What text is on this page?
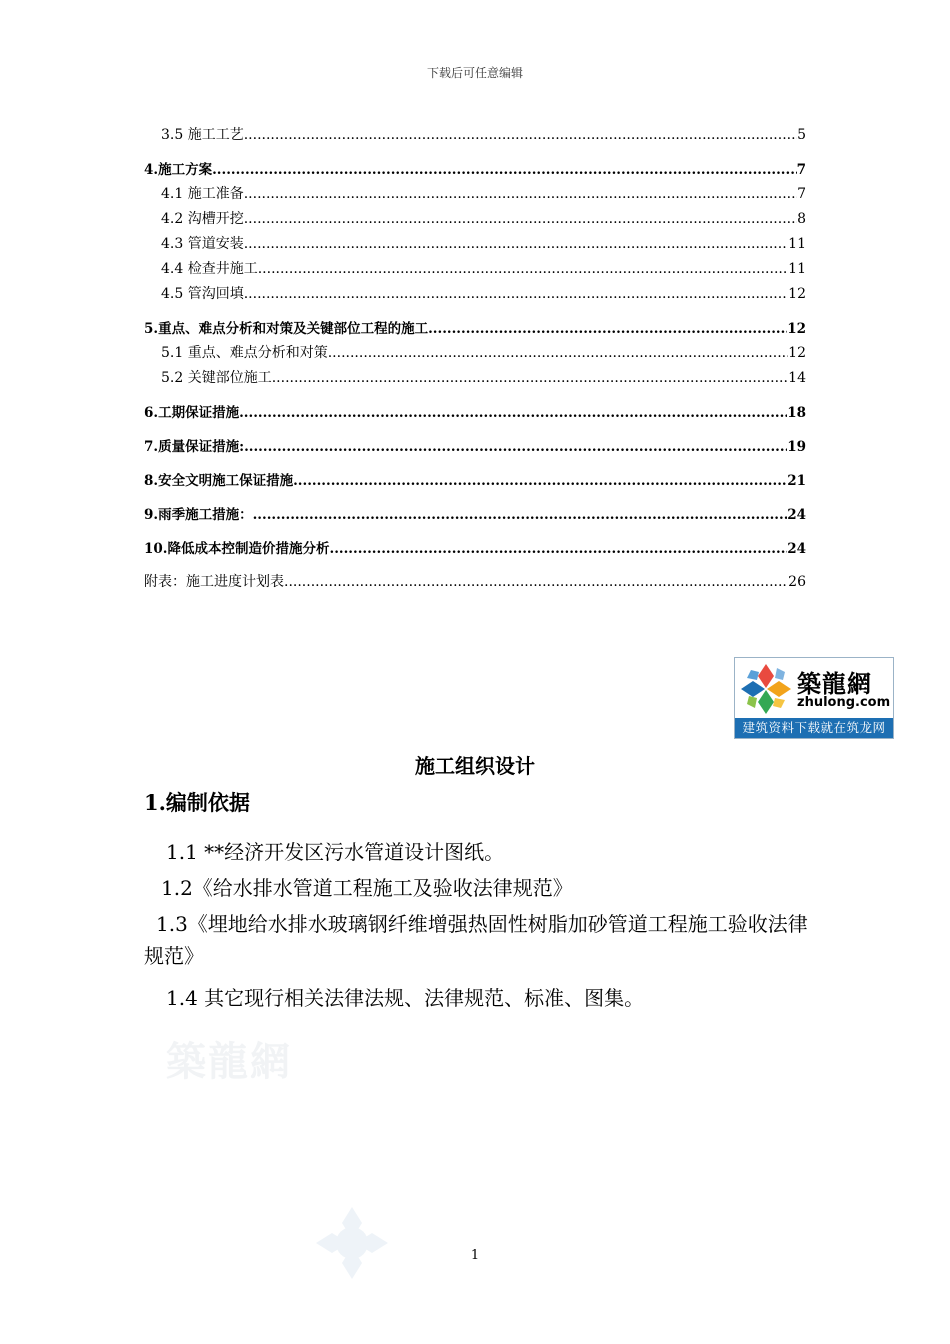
下载后可任意编辑
3.5 施工工艺 .....	5
4.施工方案 .....	7
4.1 施工准备 .....	7
4.2 沟槽开挖 .....	8
4.3 管道安装 .....	11
4.4 检查井施工 .....	11
4.5 管沟回填 .....	12
5.重点、难点分析和对策及关键部位工程的施工 .....	12
5.1 重点、难点分析和对策 .....	12
5.2 关键部位施工 .....	14
6.工期保证措施 .....	18
7.质量保证措施: .....	19
8.安全文明施工保证措施 .....	21
9.雨季施工措施： .....	24
10.降低成本控制造价措施分析 .....	24
附表：施工进度计划表 .....	26
築龍網
zhulong.com
建筑资料下载就在筑龙网
施工组织设计
1.编制依据
1.1 **经济开发区污水管道设计图纸。
1.2《给水排水管道工程施工及验收法律规范》
1.3《埋地给水排水玻璃钢纤维增强热固性树脂加砂管道工程施工验收法律规范》
1.4 其它现行相关法律法规、法律规范、标准、图集。
築龍網
1
